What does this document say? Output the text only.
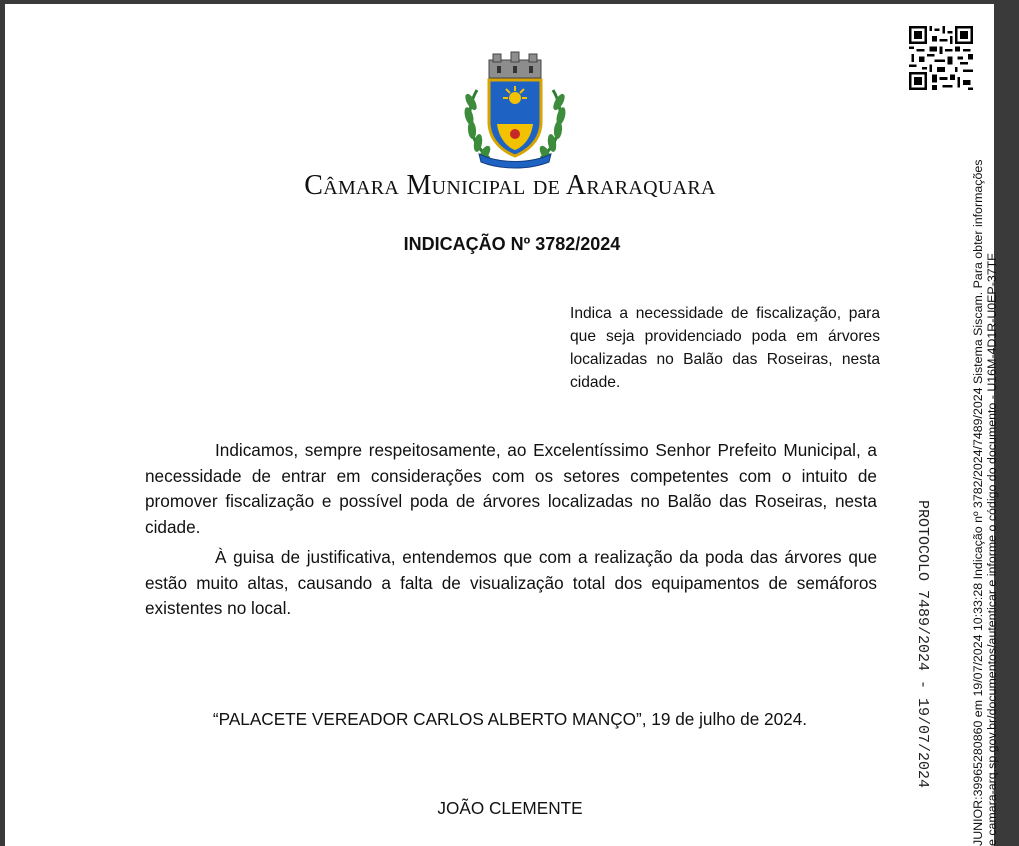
Câmara Municipal de Araraquara
INDICAÇÃO Nº 3782/2024
Indica a necessidade de fiscalização, para que seja providenciado poda em árvores localizadas no Balão das Roseiras, nesta cidade.
Indicamos, sempre respeitosamente, ao Excelentíssimo Senhor Prefeito Municipal, a necessidade de entrar em considerações com os setores competentes com o intuito de promover fiscalização e possível poda de árvores localizadas no Balão das Roseiras, nesta cidade.
À guisa de justificativa, entendemos que com a realização da poda das árvores que estão muito altas, causando a falta de visualização total dos equipamentos de semáforos existentes no local.
“PALACETE VEREADOR CARLOS ALBERTO MANÇO”, 19 de julho de 2024.
JOÃO CLEMENTE	JUNIOR:39965280860 em 19/07/2024 10:33:28 Indicação nº 3782/2024/7489/2024 Sistema Siscam. Para obter informações e camara-arq.sp.gov.br/documentos/autenticar e informe o código do documento - U16M-4D1R-U0EP-37TF
PROTOCOLO 7489/2024 - 19/07/2024
